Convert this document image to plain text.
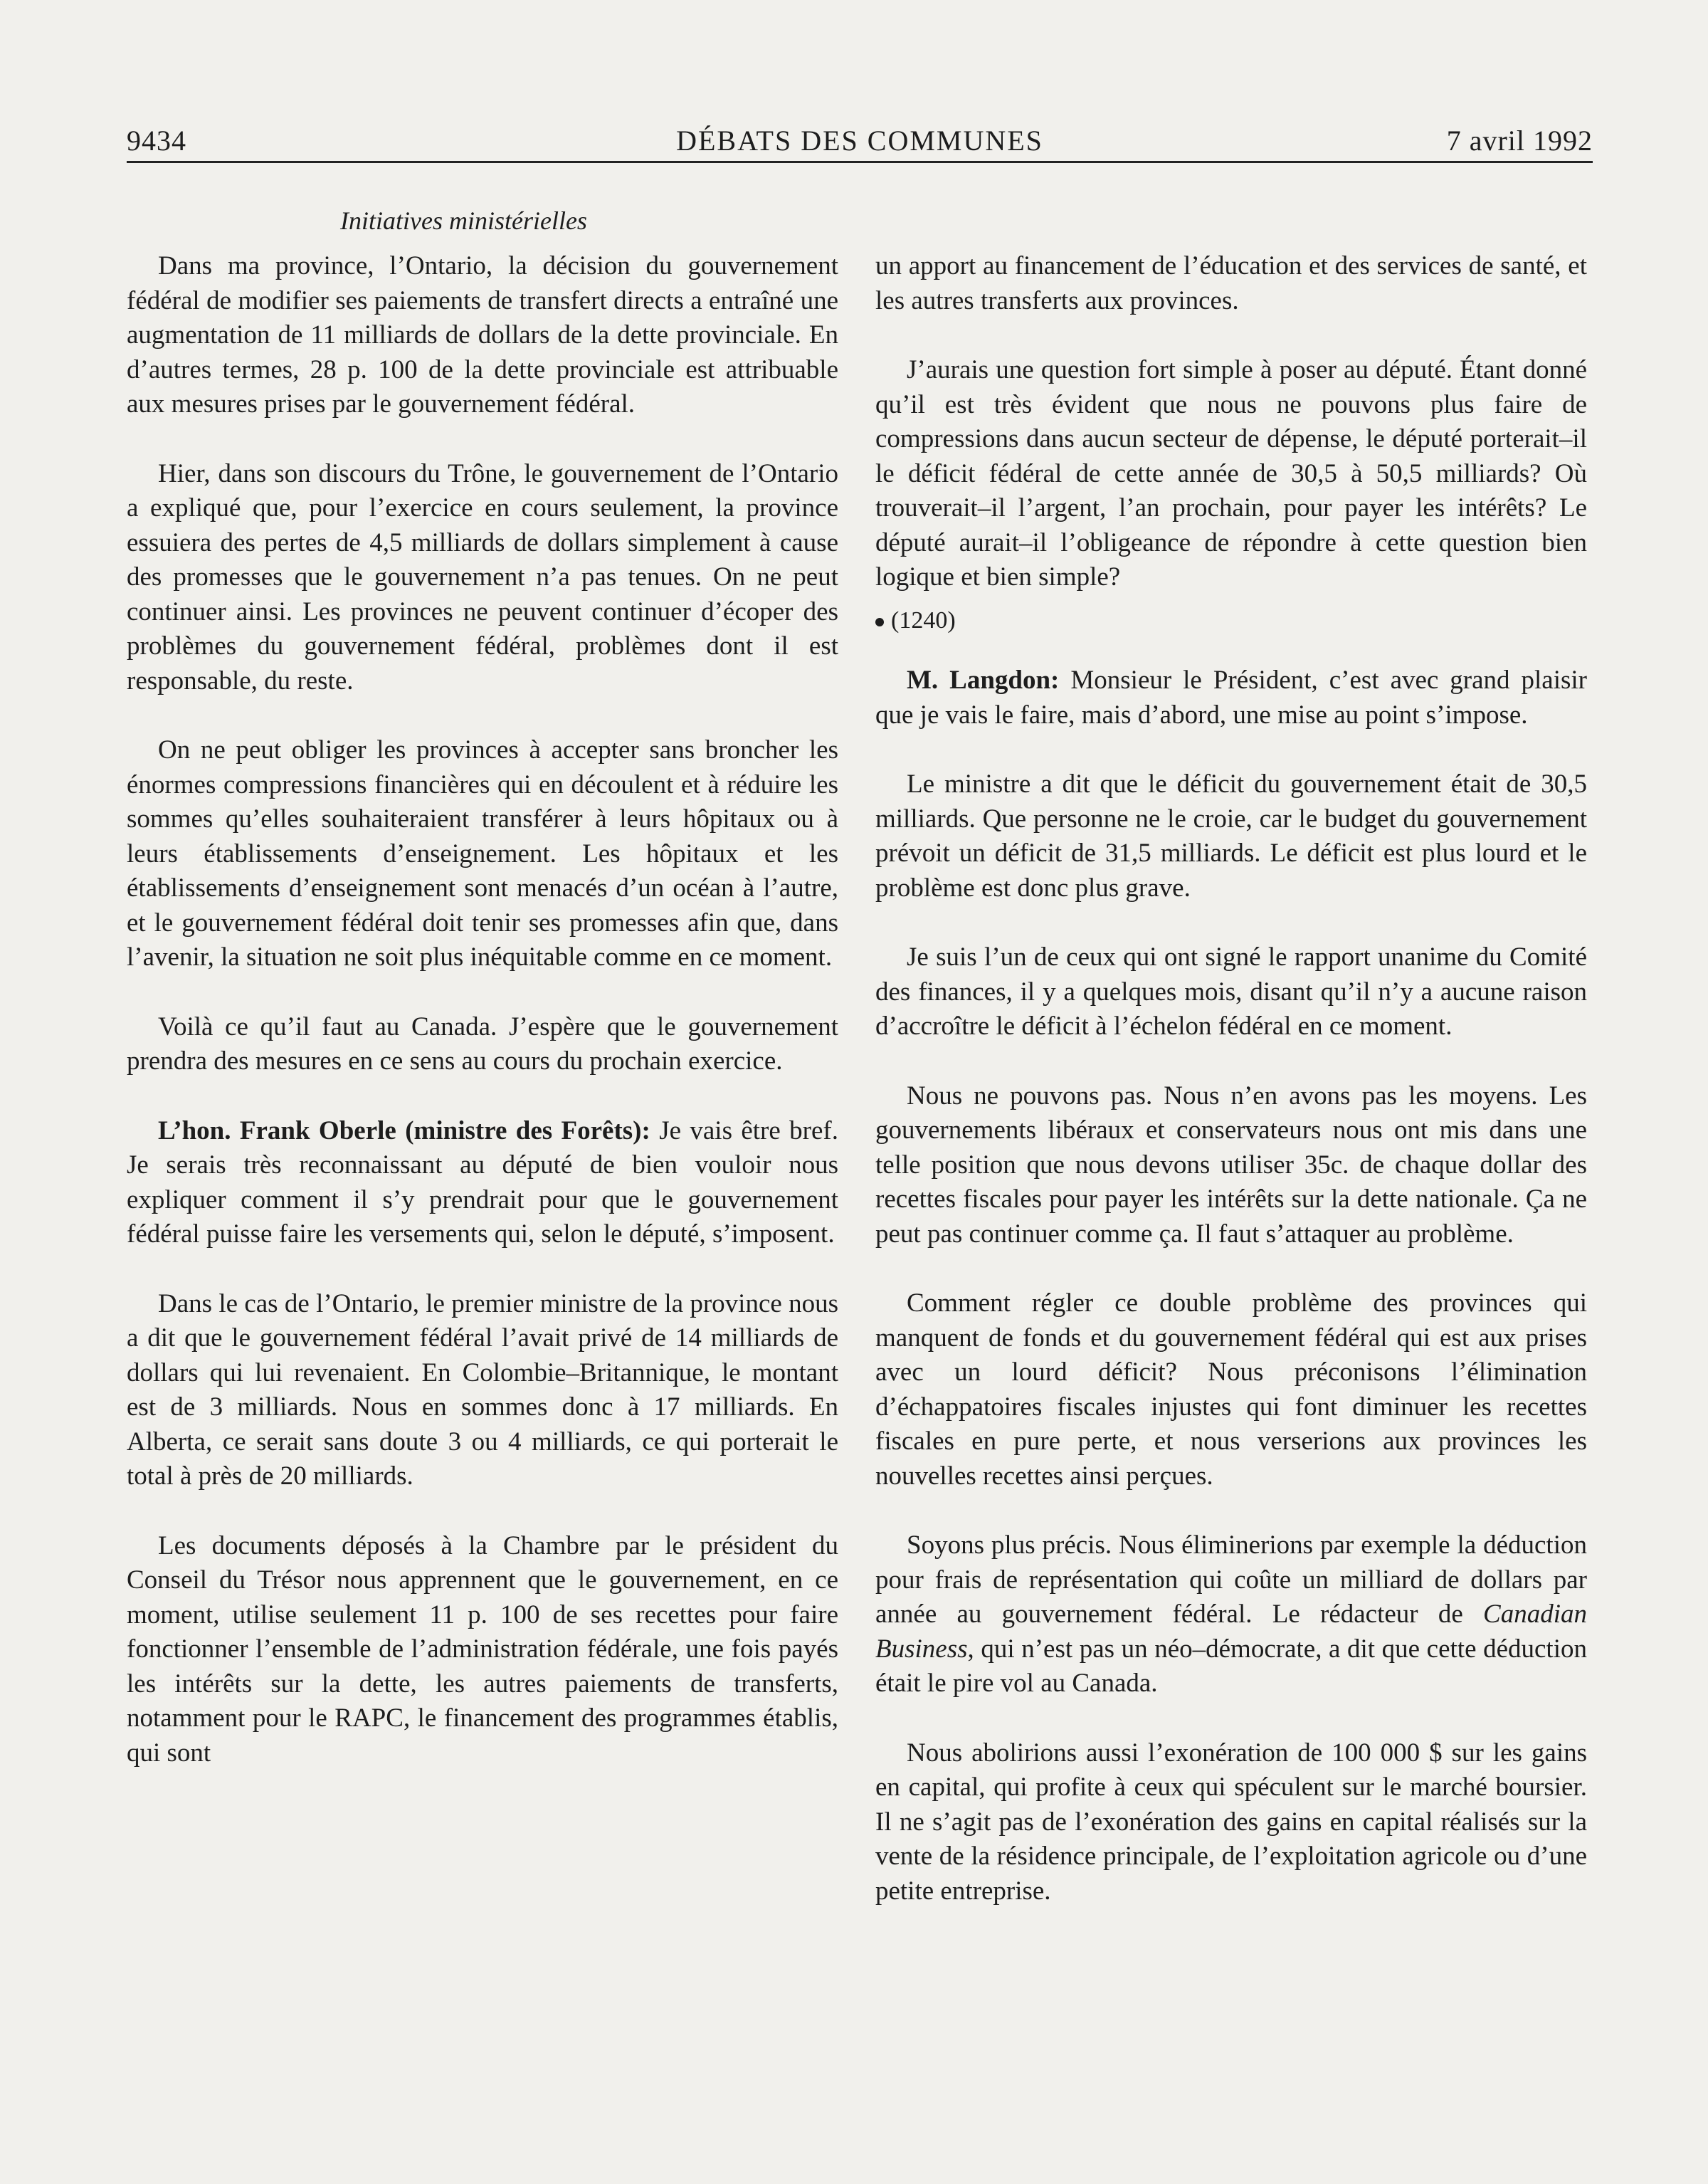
9434	DÉBATS DES COMMUNES	7 avril 1992
Initiatives ministérielles

Dans ma province, l’Ontario, la décision du gouvernement fédéral de modifier ses paiements de transfert directs a entraîné une augmentation de 11 milliards de dollars de la dette provinciale. En d’autres termes, 28 p. 100 de la dette provinciale est attribuable aux mesures prises par le gouvernement fédéral.

Hier, dans son discours du Trône, le gouvernement de l’Ontario a expliqué que, pour l’exercice en cours seulement, la province essuiera des pertes de 4,5 milliards de dollars simplement à cause des promesses que le gouvernement n’a pas tenues. On ne peut continuer ainsi. Les provinces ne peuvent continuer d’écoper des problèmes du gouvernement fédéral, problèmes dont il est responsable, du reste.

On ne peut obliger les provinces à accepter sans broncher les énormes compressions financières qui en découlent et à réduire les sommes qu’elles souhaiteraient transférer à leurs hôpitaux ou à leurs établissements d’enseignement. Les hôpitaux et les établissements d’enseignement sont menacés d’un océan à l’autre, et le gouvernement fédéral doit tenir ses promesses afin que, dans l’avenir, la situation ne soit plus inéquitable comme en ce moment.

Voilà ce qu’il faut au Canada. J’espère que le gouvernement prendra des mesures en ce sens au cours du prochain exercice.

L’hon. Frank Oberle (ministre des Forêts): Je vais être bref. Je serais très reconnaissant au député de bien vouloir nous expliquer comment il s’y prendrait pour que le gouvernement fédéral puisse faire les versements qui, selon le député, s’imposent.

Dans le cas de l’Ontario, le premier ministre de la province nous a dit que le gouvernement fédéral l’avait privé de 14 milliards de dollars qui lui revenaient. En Colombie–Britannique, le montant est de 3 milliards. Nous en sommes donc à 17 milliards. En Alberta, ce serait sans doute 3 ou 4 milliards, ce qui porterait le total à près de 20 milliards.

Les documents déposés à la Chambre par le président du Conseil du Trésor nous apprennent que le gouvernement, en ce moment, utilise seulement 11 p. 100 de ses recettes pour faire fonctionner l’ensemble de l’administration fédérale, une fois payés les intérêts sur la dette, les autres paiements de transferts, notamment pour le RAPC, le financement des programmes établis, qui sont

un apport au financement de l’éducation et des services de santé, et les autres transferts aux provinces.

J’aurais une question fort simple à poser au député. Étant donné qu’il est très évident que nous ne pouvons plus faire de compressions dans aucun secteur de dépense, le député porterait–il le déficit fédéral de cette année de 30,5 à 50,5 milliards? Où trouverait–il l’argent, l’an prochain, pour payer les intérêts? Le député aurait–il l’obligeance de répondre à cette question bien logique et bien simple?

(1240)

M. Langdon: Monsieur le Président, c’est avec grand plaisir que je vais le faire, mais d’abord, une mise au point s’impose.

Le ministre a dit que le déficit du gouvernement était de 30,5 milliards. Que personne ne le croie, car le budget du gouvernement prévoit un déficit de 31,5 milliards. Le déficit est plus lourd et le problème est donc plus grave.

Je suis l’un de ceux qui ont signé le rapport unanime du Comité des finances, il y a quelques mois, disant qu’il n’y a aucune raison d’accroître le déficit à l’échelon fédéral en ce moment.

Nous ne pouvons pas. Nous n’en avons pas les moyens. Les gouvernements libéraux et conservateurs nous ont mis dans une telle position que nous devons utiliser 35c. de chaque dollar des recettes fiscales pour payer les intérêts sur la dette nationale. Ça ne peut pas continuer comme ça. Il faut s’attaquer au problème.

Comment régler ce double problème des provinces qui manquent de fonds et du gouvernement fédéral qui est aux prises avec un lourd déficit? Nous préconisons l’élimination d’échappatoires fiscales injustes qui font diminuer les recettes fiscales en pure perte, et nous verserions aux provinces les nouvelles recettes ainsi perçues.

Soyons plus précis. Nous éliminerions par exemple la déduction pour frais de représentation qui coûte un milliard de dollars par année au gouvernement fédéral. Le rédacteur de Canadian Business, qui n’est pas un néo–démocrate, a dit que cette déduction était le pire vol au Canada.

Nous abolirions aussi l’exonération de 100 000 $ sur les gains en capital, qui profite à ceux qui spéculent sur le marché boursier. Il ne s’agit pas de l’exonération des gains en capital réalisés sur la vente de la résidence principale, de l’exploitation agricole ou d’une petite entreprise.
